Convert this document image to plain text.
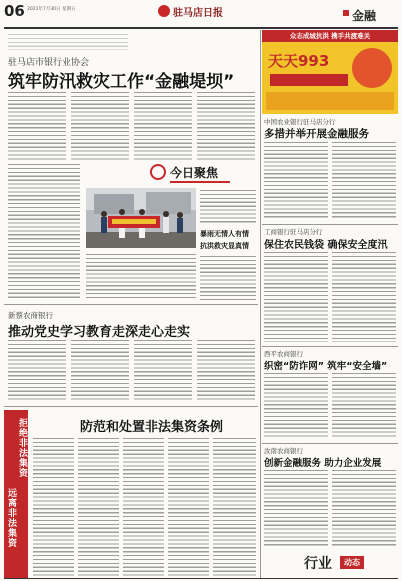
06 2021年7月30日 星期五	驻马店日报	金融
驻马店市银行业协会
筑牢防汛救灾工作“金融堤坝”
今日聚焦
暴雨无情人有情
抗洪救灾显真情
新蔡农商银行
推动党史学习教育走深走心走实
拒绝非法集资
远离非法集资
防范和处置非法集资条例
众志成城抗洪 携手共渡难关
天天993
中国农业银行驻马店分行
多措并举开展金融服务
工商银行驻马店分行
保住农民钱袋 确保安全度汛
西平农商银行
织密“防诈网” 筑牢“安全墙”
汝南农商银行
创新金融服务 助力企业发展
行业	动态
